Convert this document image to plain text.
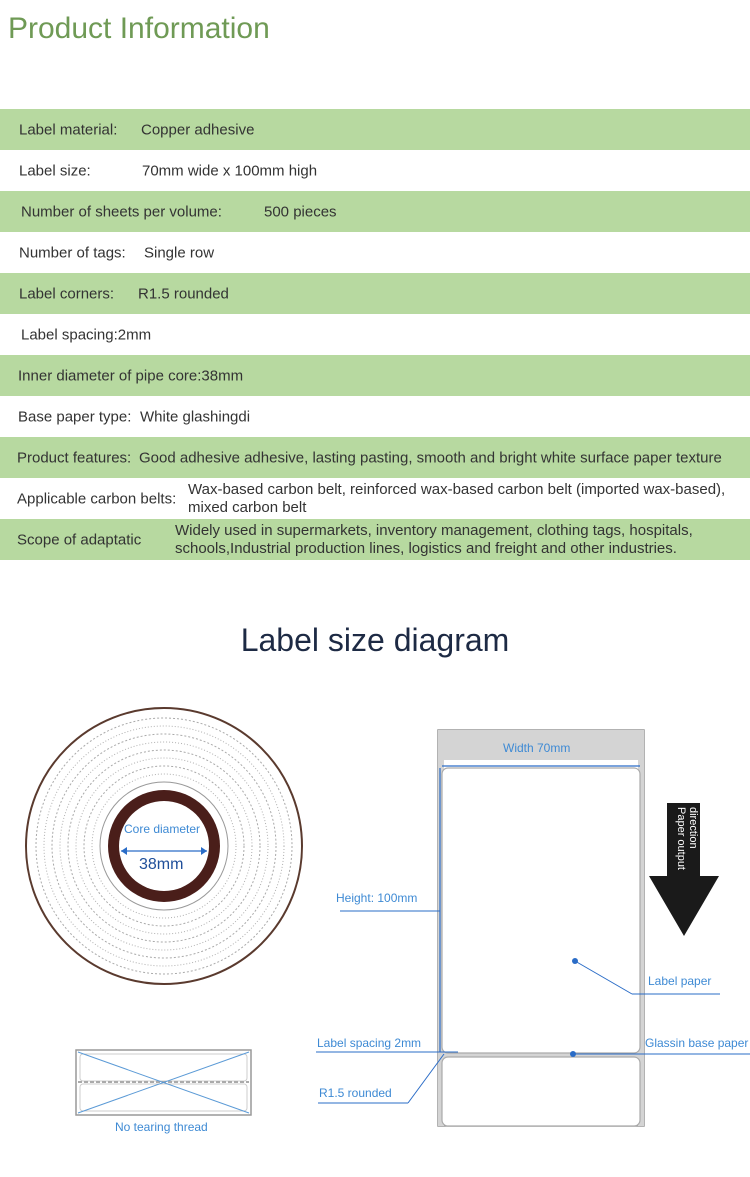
Product Information
Label material: Copper adhesive
Label size:	70mm wide x 100mm high
Number of sheets per volume:	500 pieces
Number of tags: Single row
Label corners: R1.5 rounded
Label spacing:2mm
Inner diameter of pipe core:38mm
Base paper type: White glashingdi
Product features: Good adhesive adhesive, lasting pasting, smooth and bright white surface paper texture
Applicable carbon belts:
Wax-based carbon belt, reinforced wax-based carbon belt (imported wax-based), mixed carbon belt
Scope of adaptatic
Widely used in supermarkets, inventory management, clothing tags, hospitals, schools,Industrial production lines, logistics and freight and other industries.
Label size diagram
Core diameter
38mm
No tearing thread
Width 70mm
Height: 100mm
Label spacing 2mm
R1.5 rounded
Label paper
Glassin base paper
Paper output direction
